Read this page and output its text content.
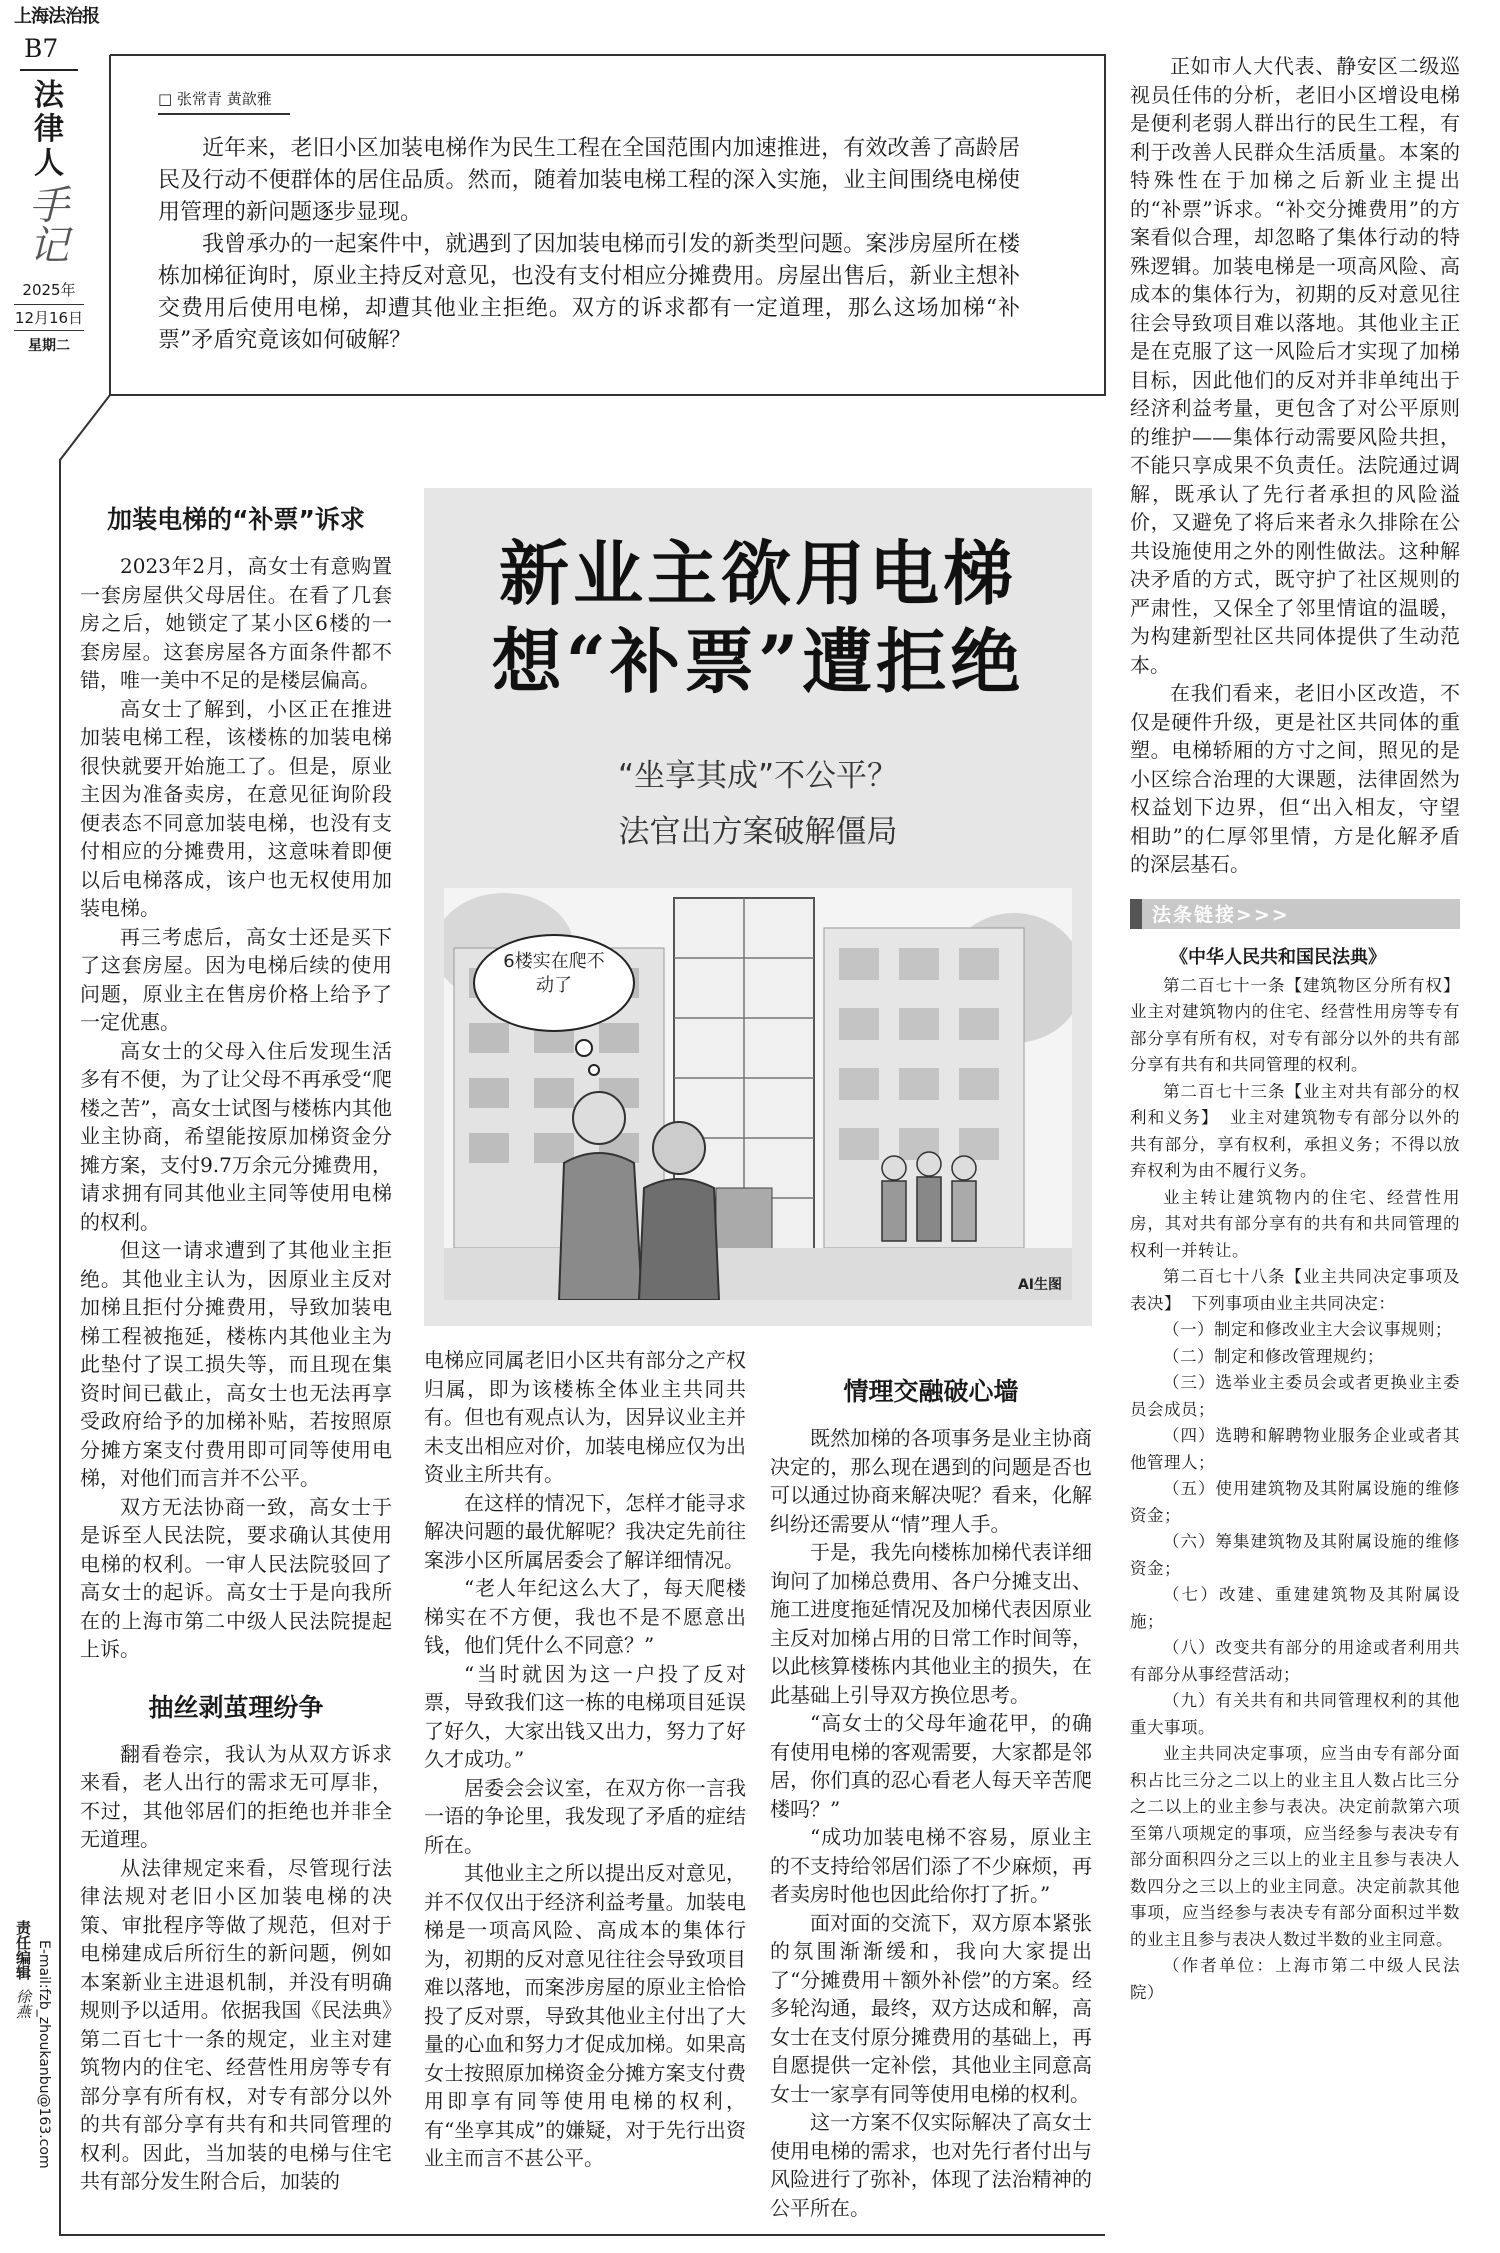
上海法治报
B7
法
律
人
手
记
2025年
12月16日
星期二
责任编辑 徐燕 E-mail:fzb_zhoukanbu@163.com
□ 张常青 黄歆雅

近年来，老旧小区加装电梯作为民生工程在全国范围内加速推进，有效改善了高龄居民及行动不便群体的居住品质。然而，随着加装电梯工程的深入实施，业主间围绕电梯使用管理的新问题逐步显现。

我曾承办的一起案件中，就遇到了因加装电梯而引发的新类型问题。案涉房屋所在楼栋加梯征询时，原业主持反对意见，也没有支付相应分摊费用。房屋出售后，新业主想补交费用后使用电梯，却遭其他业主拒绝。双方的诉求都有一定道理，那么这场加梯“补票”矛盾究竟该如何破解？

新业主欲用电梯
想“补票”遭拒绝
“坐享其成”不公平？
法官出方案破解僵局
6楼实在爬不动了
AI生图
加装电梯的“补票”诉求

2023年2月，高女士有意购置一套房屋供父母居住。在看了几套房之后，她锁定了某小区6楼的一套房屋。这套房屋各方面条件都不错，唯一美中不足的是楼层偏高。

高女士了解到，小区正在推进加装电梯工程，该楼栋的加装电梯很快就要开始施工了。但是，原业主因为准备卖房，在意见征询阶段便表态不同意加装电梯，也没有支付相应的分摊费用，这意味着即便以后电梯落成，该户也无权使用加装电梯。

再三考虑后，高女士还是买下了这套房屋。因为电梯后续的使用问题，原业主在售房价格上给予了一定优惠。

高女士的父母入住后发现生活多有不便，为了让父母不再承受“爬楼之苦”，高女士试图与楼栋内其他业主协商，希望能按原加梯资金分摊方案，支付9.7万余元分摊费用，请求拥有同其他业主同等使用电梯的权利。

但这一请求遭到了其他业主拒绝。其他业主认为，因原业主反对加梯且拒付分摊费用，导致加装电梯工程被拖延，楼栋内其他业主为此垫付了误工损失等，而且现在集资时间已截止，高女士也无法再享受政府给予的加梯补贴，若按照原分摊方案支付费用即可同等使用电梯，对他们而言并不公平。

双方无法协商一致，高女士于是诉至人民法院，要求确认其使用电梯的权利。一审人民法院驳回了高女士的起诉。高女士于是向我所在的上海市第二中级人民法院提起上诉。

抽丝剥茧理纷争

翻看卷宗，我认为从双方诉求来看，老人出行的需求无可厚非，不过，其他邻居们的拒绝也并非全无道理。

从法律规定来看，尽管现行法律法规对老旧小区加装电梯的决策、审批程序等做了规范，但对于电梯建成后所衍生的新问题，例如本案新业主进退机制，并没有明确规则予以适用。依据我国《民法典》第二百七十一条的规定，业主对建筑物内的住宅、经营性用房等专有部分享有所有权，对专有部分以外的共有部分享有共有和共同管理的权利。因此，当加装的电梯与住宅共有部分发生附合后，加装的

电梯应同属老旧小区共有部分之产权归属，即为该楼栋全体业主共同共有。但也有观点认为，因异议业主并未支出相应对价，加装电梯应仅为出资业主所共有。

在这样的情况下，怎样才能寻求解决问题的最优解呢？我决定先前往案涉小区所属居委会了解详细情况。

“老人年纪这么大了，每天爬楼梯实在不方便，我也不是不愿意出钱，他们凭什么不同意？”

“当时就因为这一户投了反对票，导致我们这一栋的电梯项目延误了好久，大家出钱又出力，努力了好久才成功。”

居委会会议室，在双方你一言我一语的争论里，我发现了矛盾的症结所在。

其他业主之所以提出反对意见，并不仅仅出于经济利益考量。加装电梯是一项高风险、高成本的集体行为，初期的反对意见往往会导致项目难以落地，而案涉房屋的原业主恰恰投了反对票，导致其他业主付出了大量的心血和努力才促成加梯。如果高女士按照原加梯资金分摊方案支付费用即享有同等使用电梯的权利，有“坐享其成”的嫌疑，对于先行出资业主而言不甚公平。

情理交融破心墙

既然加梯的各项事务是业主协商决定的，那么现在遇到的问题是否也可以通过协商来解决呢？看来，化解纠纷还需要从“情”理人手。

于是，我先向楼栋加梯代表详细询问了加梯总费用、各户分摊支出、施工进度拖延情况及加梯代表因原业主反对加梯占用的日常工作时间等，以此核算楼栋内其他业主的损失，在此基础上引导双方换位思考。

“高女士的父母年逾花甲，的确有使用电梯的客观需要，大家都是邻居，你们真的忍心看老人每天辛苦爬楼吗？”

“成功加装电梯不容易，原业主的不支持给邻居们添了不少麻烦，再者卖房时他也因此给你打了折。”

面对面的交流下，双方原本紧张的氛围渐渐缓和，我向大家提出了“分摊费用＋额外补偿”的方案。经多轮沟通，最终，双方达成和解，高女士在支付原分摊费用的基础上，再自愿提供一定补偿，其他业主同意高女士一家享有同等使用电梯的权利。

这一方案不仅实际解决了高女士使用电梯的需求，也对先行者付出与风险进行了弥补，体现了法治精神的公平所在。

正如市人大代表、静安区二级巡视员任伟的分析，老旧小区增设电梯是便利老弱人群出行的民生工程，有利于改善人民群众生活质量。本案的特殊性在于加梯之后新业主提出的“补票”诉求。“补交分摊费用”的方案看似合理，却忽略了集体行动的特殊逻辑。加装电梯是一项高风险、高成本的集体行为，初期的反对意见往往会导致项目难以落地。其他业主正是在克服了这一风险后才实现了加梯目标，因此他们的反对并非单纯出于经济利益考量，更包含了对公平原则的维护——集体行动需要风险共担，不能只享成果不负责任。法院通过调解，既承认了先行者承担的风险溢价，又避免了将后来者永久排除在公共设施使用之外的刚性做法。这种解决矛盾的方式，既守护了社区规则的严肃性，又保全了邻里情谊的温暖，为构建新型社区共同体提供了生动范本。

在我们看来，老旧小区改造，不仅是硬件升级，更是社区共同体的重塑。电梯轿厢的方寸之间，照见的是小区综合治理的大课题，法律固然为权益划下边界，但“出入相友，守望相助”的仁厚邻里情，方是化解矛盾的深层基石。

法条链接>>>
《中华人民共和国民法典》

第二百七十一条【建筑物区分所有权】 业主对建筑物内的住宅、经营性用房等专有部分享有所有权，对专有部分以外的共有部分享有共有和共同管理的权利。

第二百七十三条【业主对共有部分的权利和义务】 业主对建筑物专有部分以外的共有部分，享有权利，承担义务；不得以放弃权利为由不履行义务。

业主转让建筑物内的住宅、经营性用房，其对共有部分享有的共有和共同管理的权利一并转让。

第二百七十八条【业主共同决定事项及表决】 下列事项由业主共同决定：

（一）制定和修改业主大会议事规则；

（二）制定和修改管理规约；

（三）选举业主委员会或者更换业主委员会成员；

（四）选聘和解聘物业服务企业或者其他管理人；

（五）使用建筑物及其附属设施的维修资金；

（六）筹集建筑物及其附属设施的维修资金；

（七）改建、重建建筑物及其附属设施；

（八）改变共有部分的用途或者利用共有部分从事经营活动；

（九）有关共有和共同管理权利的其他重大事项。

业主共同决定事项，应当由专有部分面积占比三分之二以上的业主且人数占比三分之二以上的业主参与表决。决定前款第六项至第八项规定的事项，应当经参与表决专有部分面积四分之三以上的业主且参与表决人数四分之三以上的业主同意。决定前款其他事项，应当经参与表决专有部分面积过半数的业主且参与表决人数过半数的业主同意。

（作者单位：上海市第二中级人民法院）
